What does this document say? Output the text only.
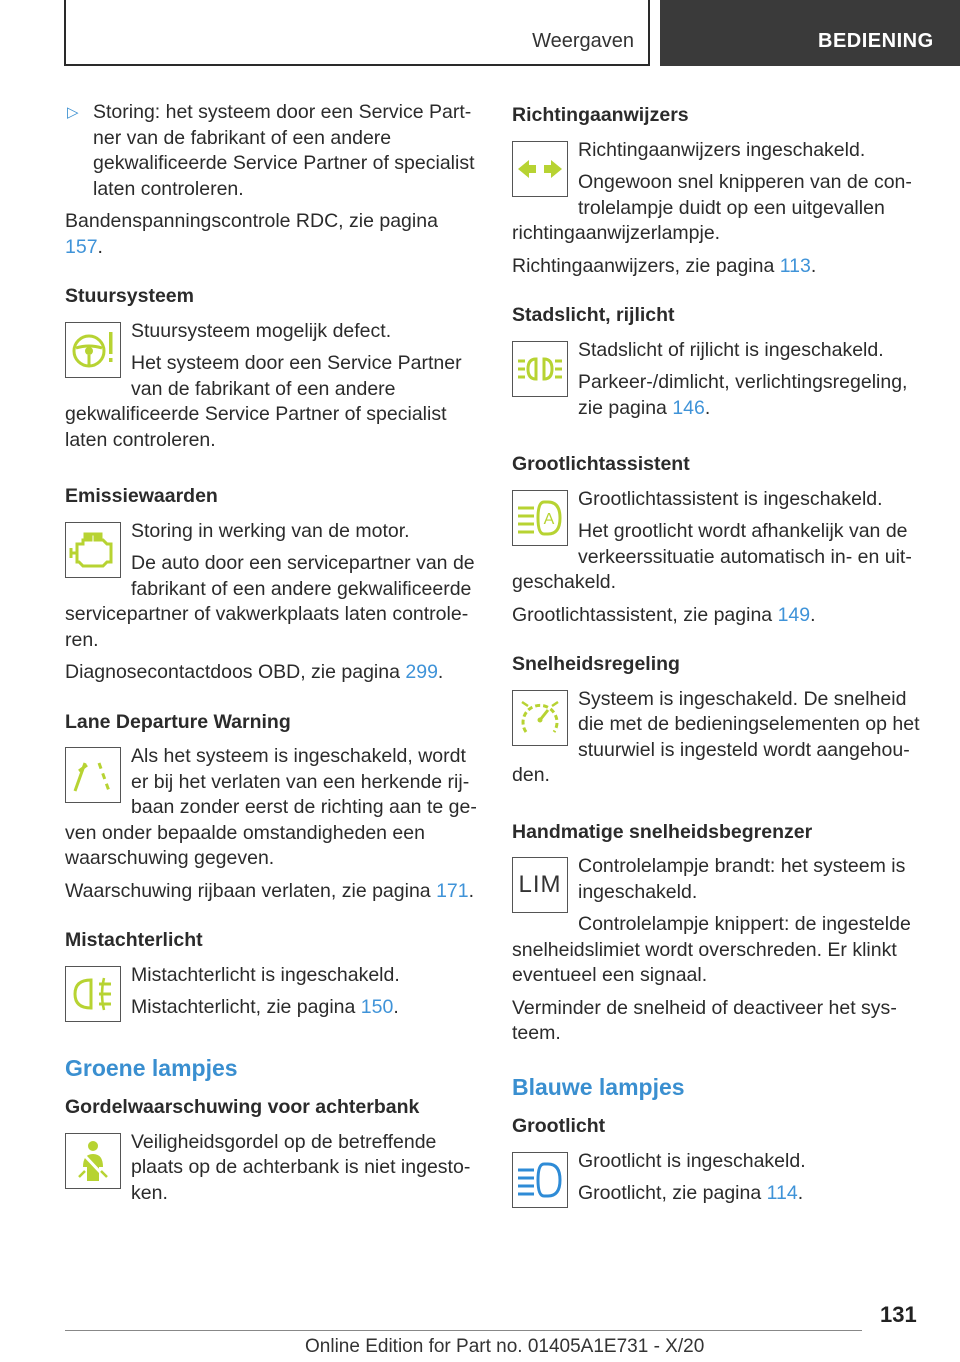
Weergaven	BEDIENING
▷ Storing: het systeem door een Service Partner van de fabrikant of een andere gekwalificeerde Service Partner of specialist laten controleren.

Bandenspanningscontrole RDC, zie pagina 157.

Stuursysteem

Stuursysteem mogelijk defect.

Het systeem door een Service Partner van de fabrikant of een andere gekwalificeerde Service Partner of specialist laten controleren.

Emissiewaarden

Storing in werking van de motor.

De auto door een servicepartner van de fabrikant of een andere gekwalificeerde servicepartner of vakwerkplaats laten controleren.

Diagnosecontactdoos OBD, zie pagina 299.

Lane Departure Warning

Als het systeem is ingeschakeld, wordt er bij het verlaten van een herkende rijbaan zonder eerst de richting aan te geven onder bepaalde omstandigheden een waarschuwing gegeven.

Waarschuwing rijbaan verlaten, zie pagina 171.

Mistachterlicht

Mistachterlicht is ingeschakeld.

Mistachterlicht, zie pagina 150.

Groene lampjes
Gordelwaarschuwing voor achterbank

Veiligheidsgordel op de betreffende plaats op de achterbank is niet ingestoken.

Richtingaanwijzers

Richtingaanwijzers ingeschakeld.

Ongewoon snel knipperen van de controlelampje duidt op een uitgevallen richtingaanwijzerlampje.

Richtingaanwijzers, zie pagina 113.

Stadslicht, rijlicht

Stadslicht of rijlicht is ingeschakeld.

Parkeer-/dimlicht, verlichtingsregeling, zie pagina 146.

Grootlichtassistent
A

Grootlichtassistent is ingeschakeld.

Het grootlicht wordt afhankelijk van de verkeerssituatie automatisch in- en uitgeschakeld.

Grootlichtassistent, zie pagina 149.

Snelheidsregeling

Systeem is ingeschakeld. De snelheid die met de bedieningselementen op het stuurwiel is ingesteld wordt aangehouden.

Handmatige snelheidsbegrenzer
LIM

Controlelampje brandt: het systeem is ingeschakeld.

Controlelampje knippert: de ingestelde snelheidslimiet wordt overschreden. Er klinkt eventueel een signaal.

Verminder de snelheid of deactiveer het systeem.

Blauwe lampjes
Grootlicht

Grootlicht is ingeschakeld.

Grootlicht, zie pagina 114.

131
Online Edition for Part no. 01405A1E731 - X/20
